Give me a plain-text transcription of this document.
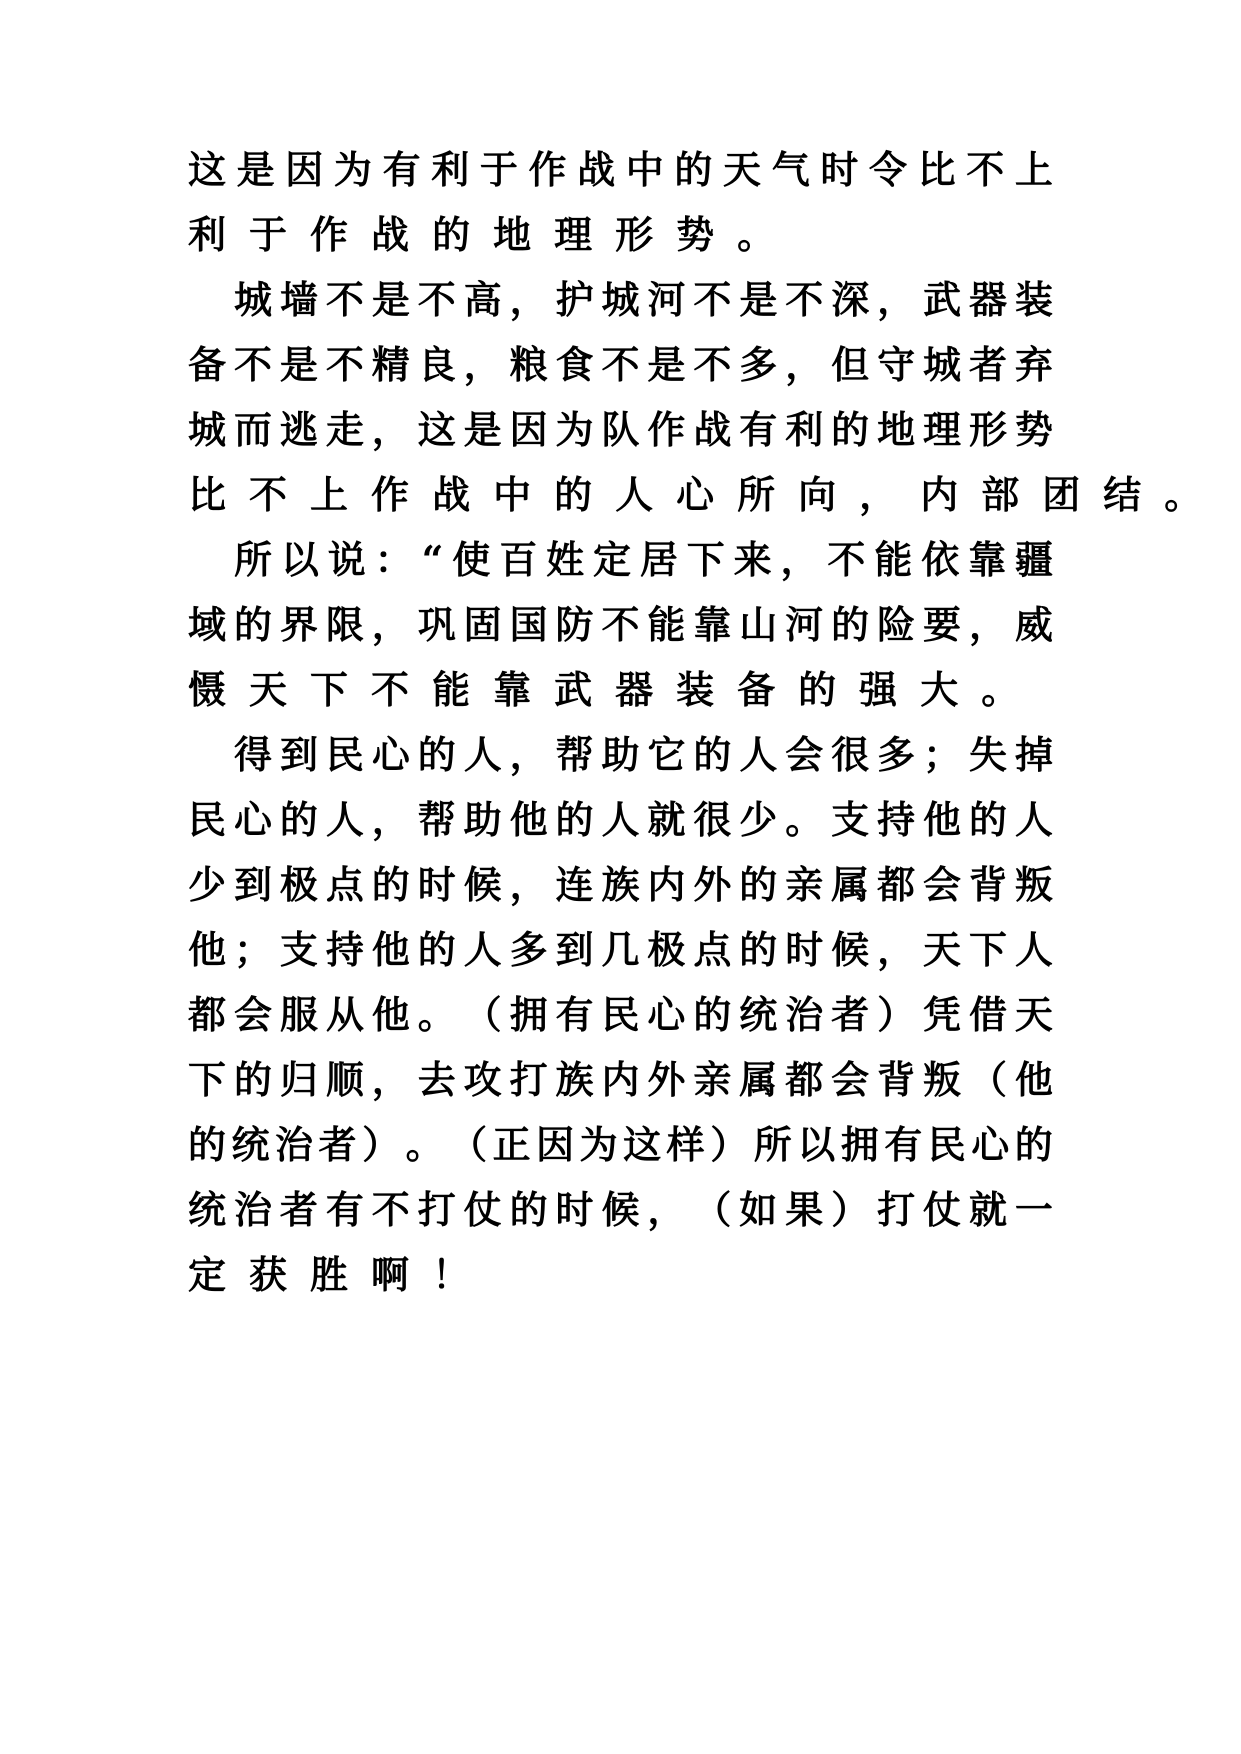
这 是 因 为 有 利 于 作 战 中 的 天 气 时 令 比 不 上
利 于 作 战 的 地 理 形 势 。
城 墙 不 是 不 高 ， 护 城 河 不 是 不 深 ， 武 器 装
备 不 是 不 精 良 ， 粮 食 不 是 不 多 ， 但 守 城 者 弃
城 而 逃 走 ， 这 是 因 为 队 作 战 有 利 的 地 理 形 势
比 不 上 作 战 中 的 人 心 所 向 ， 内 部 团 结 。
所 以 说 ： “ 使 百 姓 定 居 下 来 ， 不 能 依 靠 疆
域 的 界 限 ， 巩 固 国 防 不 能 靠 山 河 的 险 要 ， 威
慑 天 下 不 能 靠 武 器 装 备 的 强 大 。
得 到 民 心 的 人 ， 帮 助 它 的 人 会 很 多 ； 失 掉
民 心 的 人 ， 帮 助 他 的 人 就 很 少 。 支 持 他 的 人
少 到 极 点 的 时 候 ， 连 族 内 外 的 亲 属 都 会 背 叛
他 ； 支 持 他 的 人 多 到 几 极 点 的 时 候 ， 天 下 人
都 会 服 从 他 。 （ 拥 有 民 心 的 统 治 者 ） 凭 借 天
下 的 归 顺 ， 去 攻 打 族 内 外 亲 属 都 会 背 叛 （ 他
的 统 治 者 ） 。 （ 正 因 为 这 样 ） 所 以 拥 有 民 心 的
统 治 者 有 不 打 仗 的 时 候 ， （ 如 果 ） 打 仗 就 一
定 获 胜 啊 ！
